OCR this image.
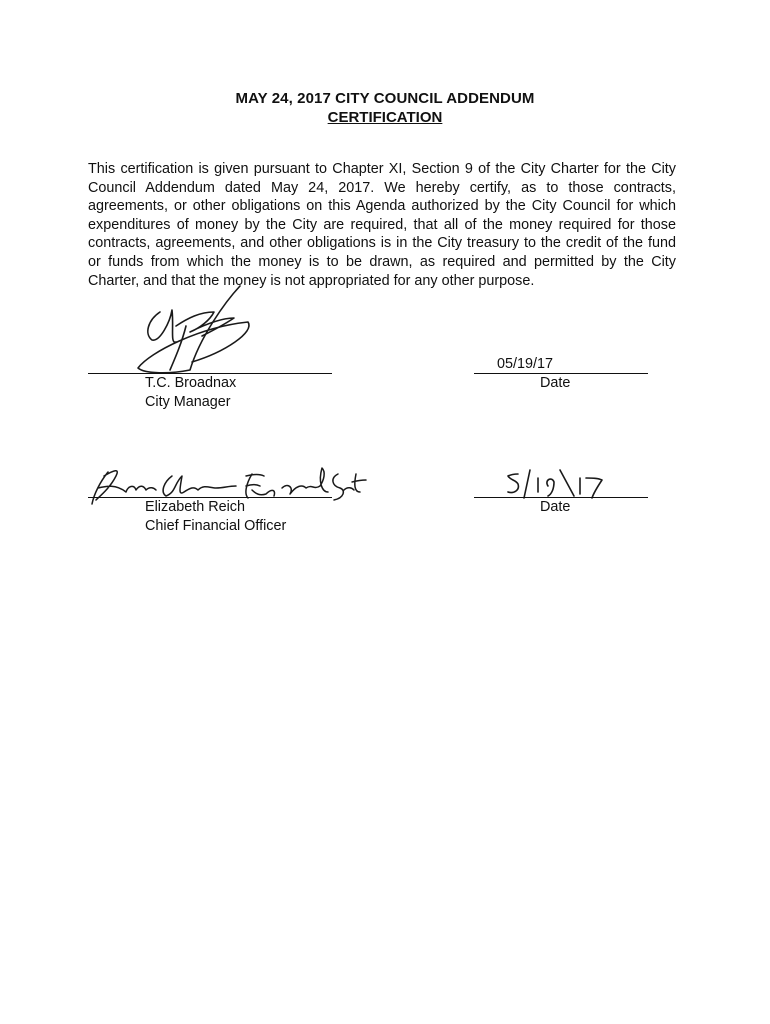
MAY 24, 2017 CITY COUNCIL ADDENDUM
CERTIFICATION

This certification is given pursuant to Chapter XI, Section 9 of the City Charter for the City Council Addendum dated May 24, 2017. We hereby certify, as to those contracts, agreements, or other obligations on this Agenda authorized by the City Council for which expenditures of money by the City are required, that all of the money required for those contracts, agreements, and other obligations is in the City treasury to the credit of the fund or funds from which the money is to be drawn, as required and permitted by the City Charter, and that the money is not appropriated for any other purpose.

T.C. Broadnax
City Manager
05/19/17
Date
Elizabeth Reich
Chief Financial Officer
Date
